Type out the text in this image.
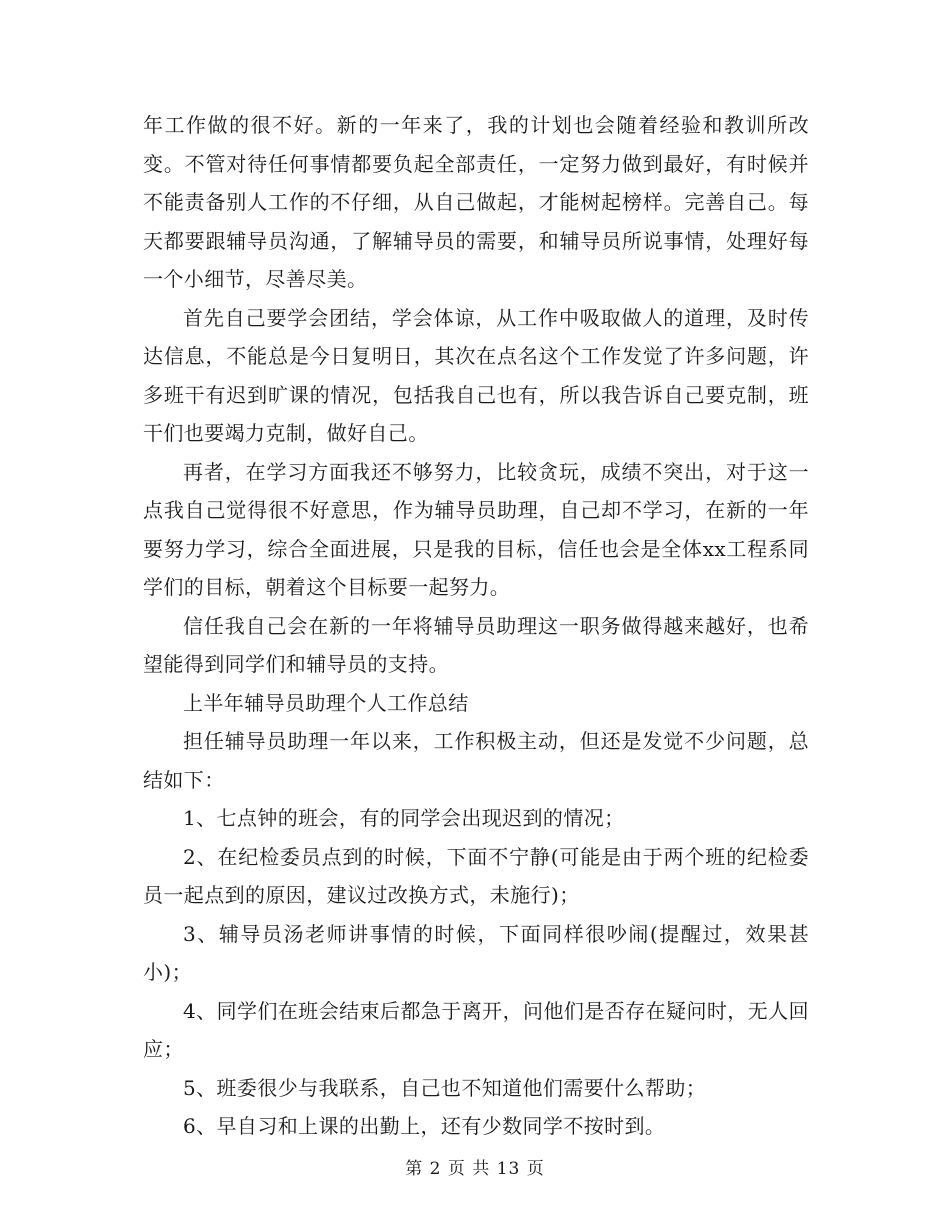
年工作做的很不好。新的一年来了，我的计划也会随着经验和教训所改变。不管对待任何事情都要负起全部责任，一定努力做到最好，有时候并不能责备别人工作的不仔细，从自己做起，才能树起榜样。完善自己。每天都要跟辅导员沟通，了解辅导员的需要，和辅导员所说事情，处理好每一个小细节，尽善尽美。

首先自己要学会团结，学会体谅，从工作中吸取做人的道理，及时传达信息，不能总是今日复明日，其次在点名这个工作发觉了许多问题，许多班干有迟到旷课的情况，包括我自己也有，所以我告诉自己要克制，班干们也要竭力克制，做好自己。

再者，在学习方面我还不够努力，比较贪玩，成绩不突出，对于这一点我自己觉得很不好意思，作为辅导员助理，自己却不学习，在新的一年要努力学习，综合全面进展，只是我的目标，信任也会是全体xx工程系同学们的目标，朝着这个目标要一起努力。

信任我自己会在新的一年将辅导员助理这一职务做得越来越好，也希望能得到同学们和辅导员的支持。

上半年辅导员助理个人工作总结

担任辅导员助理一年以来，工作积极主动，但还是发觉不少问题，总结如下：

1、七点钟的班会，有的同学会出现迟到的情况；

2、在纪检委员点到的时候，下面不宁静(可能是由于两个班的纪检委员一起点到的原因，建议过改换方式，未施行)；

3、辅导员汤老师讲事情的时候，下面同样很吵闹(提醒过，效果甚小)；

4、同学们在班会结束后都急于离开，问他们是否存在疑问时，无人回应；

5、班委很少与我联系，自己也不知道他们需要什么帮助；

6、早自习和上课的出勤上，还有少数同学不按时到。

第 2 页 共 13 页
